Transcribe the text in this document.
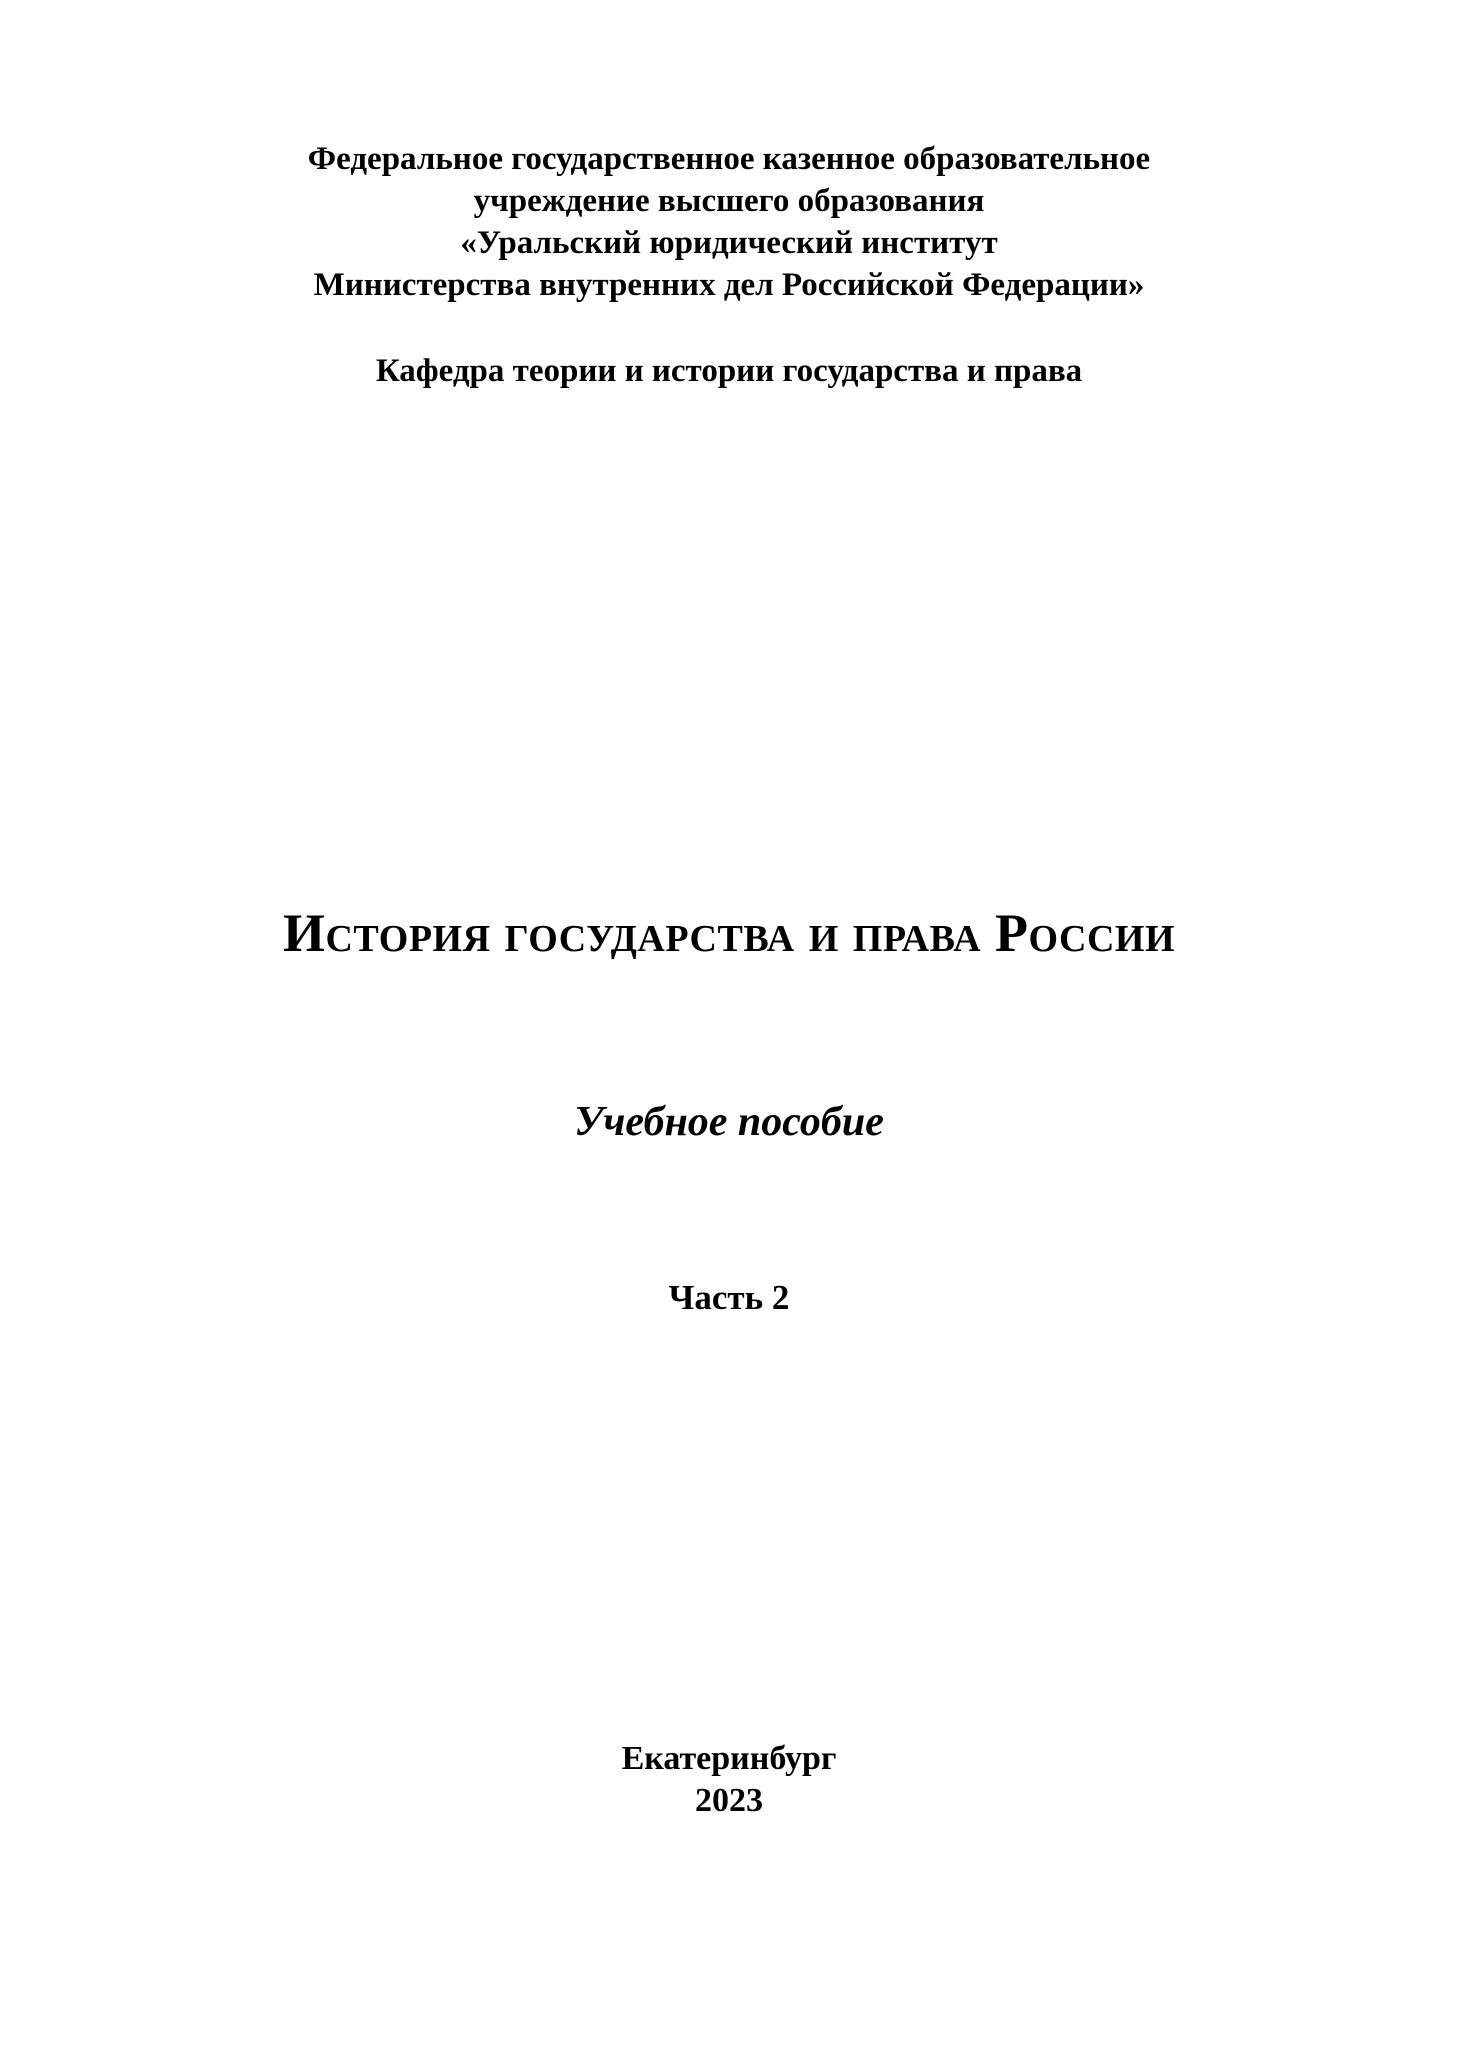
Федеральное государственное казенное образовательное
учреждение высшего образования
«Уральский юридический институт
Министерства внутренних дел Российской Федерации»
Кафедра теории и истории государства и права
История государства и права России
Учебное пособие
Часть 2
Екатеринбург
2023
